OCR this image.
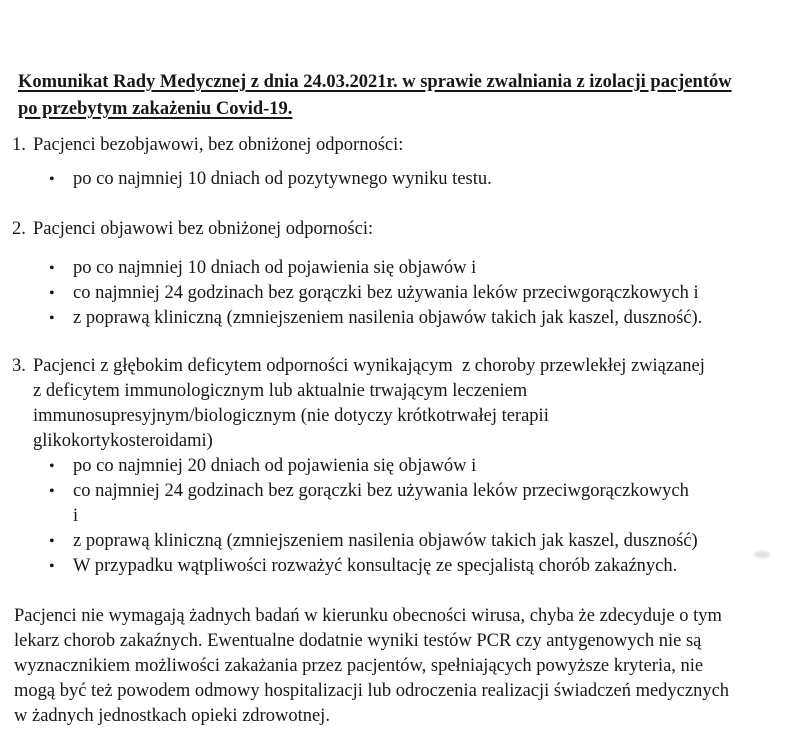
Komunikat Rady Medycznej z dnia 24.03.2021r. w sprawie zwalniania z izolacji pacjentów
po przebytym zakażeniu Covid-19.
1. Pacjenci bezobjawowi, bez obniżonej odporności:
• po co najmniej 10 dniach od pozytywnego wyniku testu.
2. Pacjenci objawowi bez obniżonej odporności:
• po co najmniej 10 dniach od pojawienia się objawów i
• co najmniej 24 godzinach bez gorączki bez używania leków przeciwgorączkowych i
• z poprawą kliniczną (zmniejszeniem nasilenia objawów takich jak kaszel, duszność).
3. Pacjenci z głębokim deficytem odporności wynikającym  z choroby przewlekłej związanej
z deficytem immunologicznym lub aktualnie trwającym leczeniem
immunosupresyjnym/biologicznym (nie dotyczy krótkotrwałej terapii
glikokortykosteroidami)
• po co najmniej 20 dniach od pojawienia się objawów i
• co najmniej 24 godzinach bez gorączki bez używania leków przeciwgorączkowych
i
• z poprawą kliniczną (zmniejszeniem nasilenia objawów takich jak kaszel, duszność)
• W przypadku wątpliwości rozważyć konsultację ze specjalistą chorób zakaźnych.
Pacjenci nie wymagają żadnych badań w kierunku obecności wirusa, chyba że zdecyduje o tym
lekarz chorob zakaźnych. Ewentualne dodatnie wyniki testów PCR czy antygenowych nie są
wyznacznikiem możliwości zakażania przez pacjentów, spełniających powyższe kryteria, nie
mogą być też powodem odmowy hospitalizacji lub odroczenia realizacji świadczeń medycznych
w żadnych jednostkach opieki zdrowotnej.
